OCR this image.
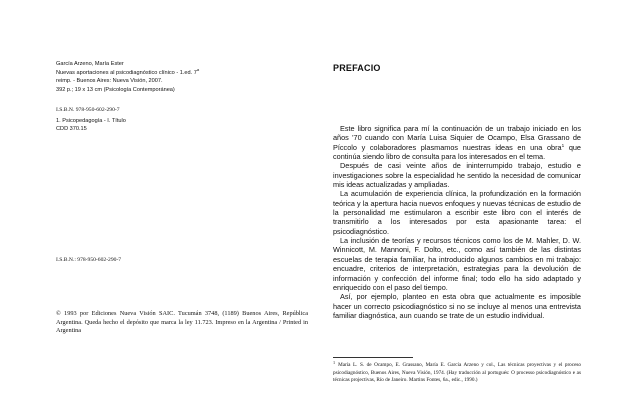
García Arzeno, María Ester

Nuevas aportaciones al psicodiagnóstico clínico - 1.ed. 7$^a$

reimp. - Buenos Aires: Nueva Visión, 2007.

392 p.; 19 x 13 cm (Psicología Contemporánea)

I.S.B.N. 978-950-602-290-7

1. Psicopedagogía - I. Título

CDD 370.15

I.S.B.N.: 978-950-602-290-7

© 1993 por Ediciones Nueva Visión SAIC. Tucumán 3748, (1189) Buenos Aires, República Argentina. Queda hecho el depósito que marca la ley 11.723. Impreso en la Argentina / Printed in Argentina

PREFACIO

Este libro significa para mí la continuación de un trabajo iniciado en los años '70 cuando con María Luisa Siquier de Ocampo, Elsa Grassano de Píccolo y colaboradores plasmamos nuestras ideas en una obra$^1$ que continúa siendo libro de consulta para los interesados en el tema.

Después de casi veinte años de ininterrumpido trabajo, estudio e investigaciones sobre la especialidad he sentido la necesidad de comunicar mis ideas actualizadas y ampliadas.

La acumulación de experiencia clínica, la profundización en la formación teórica y la apertura hacia nuevos enfoques y nuevas técnicas de estudio de la personalidad me estimularon a escribir este libro con el interés de transmitirlo a los interesados por esta apasionante tarea: el psicodiagnóstico.

La inclusión de teorías y recursos técnicos como los de M. Mahler, D. W. Winnicott, M. Mannoni, F. Dolto, etc., como así también de las distintas escuelas de terapia familiar, ha introducido algunos cambios en mi trabajo: encuadre, criterios de interpretación, estrategias para la devolución de información y confección del informe final; todo ello ha sido adaptado y enriquecido con el paso del tiempo.

Así, por ejemplo, planteo en esta obra que actualmente es imposible hacer un correcto psicodiagnóstico si no se incluye al menos una entrevista familiar diagnóstica, aun cuando se trate de un estudio individual.

$^1$ María L. S. de Ocampo, E. Grassano, María E. García Arzeno y col., Las técnicas proyectivas y el proceso psicodiagnóstico, Buenos Aires, Nueva Visión, 1974. (Hay traducción al portugués: O processo psicodiagnóstico e as técnicas projectivas, Río de Janeiro. Martins Fontes, 6a., edic., 1990.)
